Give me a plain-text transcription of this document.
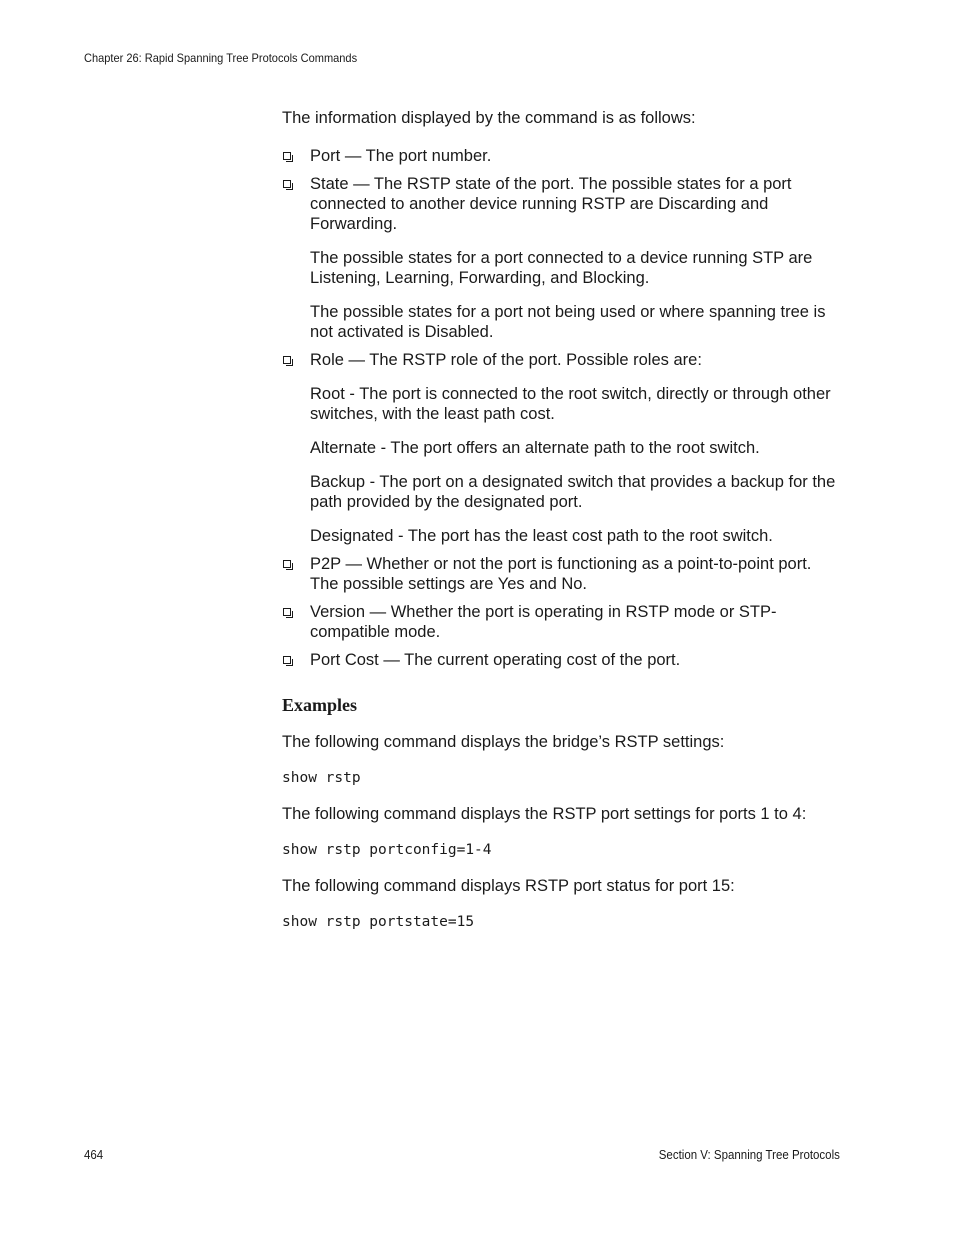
Chapter 26: Rapid Spanning Tree Protocols Commands

The information displayed by the command is as follows:

Port — The port number.

State — The RSTP state of the port. The possible states for a port connected to another device running RSTP are Discarding and Forwarding.

The possible states for a port connected to a device running STP are Listening, Learning, Forwarding, and Blocking.

The possible states for a port not being used or where spanning tree is not activated is Disabled.

Role — The RSTP role of the port. Possible roles are:

Root - The port is connected to the root switch, directly or through other switches, with the least path cost.

Alternate - The port offers an alternate path to the root switch.

Backup - The port on a designated switch that provides a backup for the path provided by the designated port.

Designated - The port has the least cost path to the root switch.

P2P — Whether or not the port is functioning as a point-to-point port. The possible settings are Yes and No.

Version — Whether the port is operating in RSTP mode or STP-compatible mode.

Port Cost — The current operating cost of the port.

Examples

The following command displays the bridge’s RSTP settings:

show rstp

The following command displays the RSTP port settings for ports 1 to 4:

show rstp portconfig=1-4

The following command displays RSTP port status for port 15:

show rstp portstate=15
464	Section V: Spanning Tree Protocols
